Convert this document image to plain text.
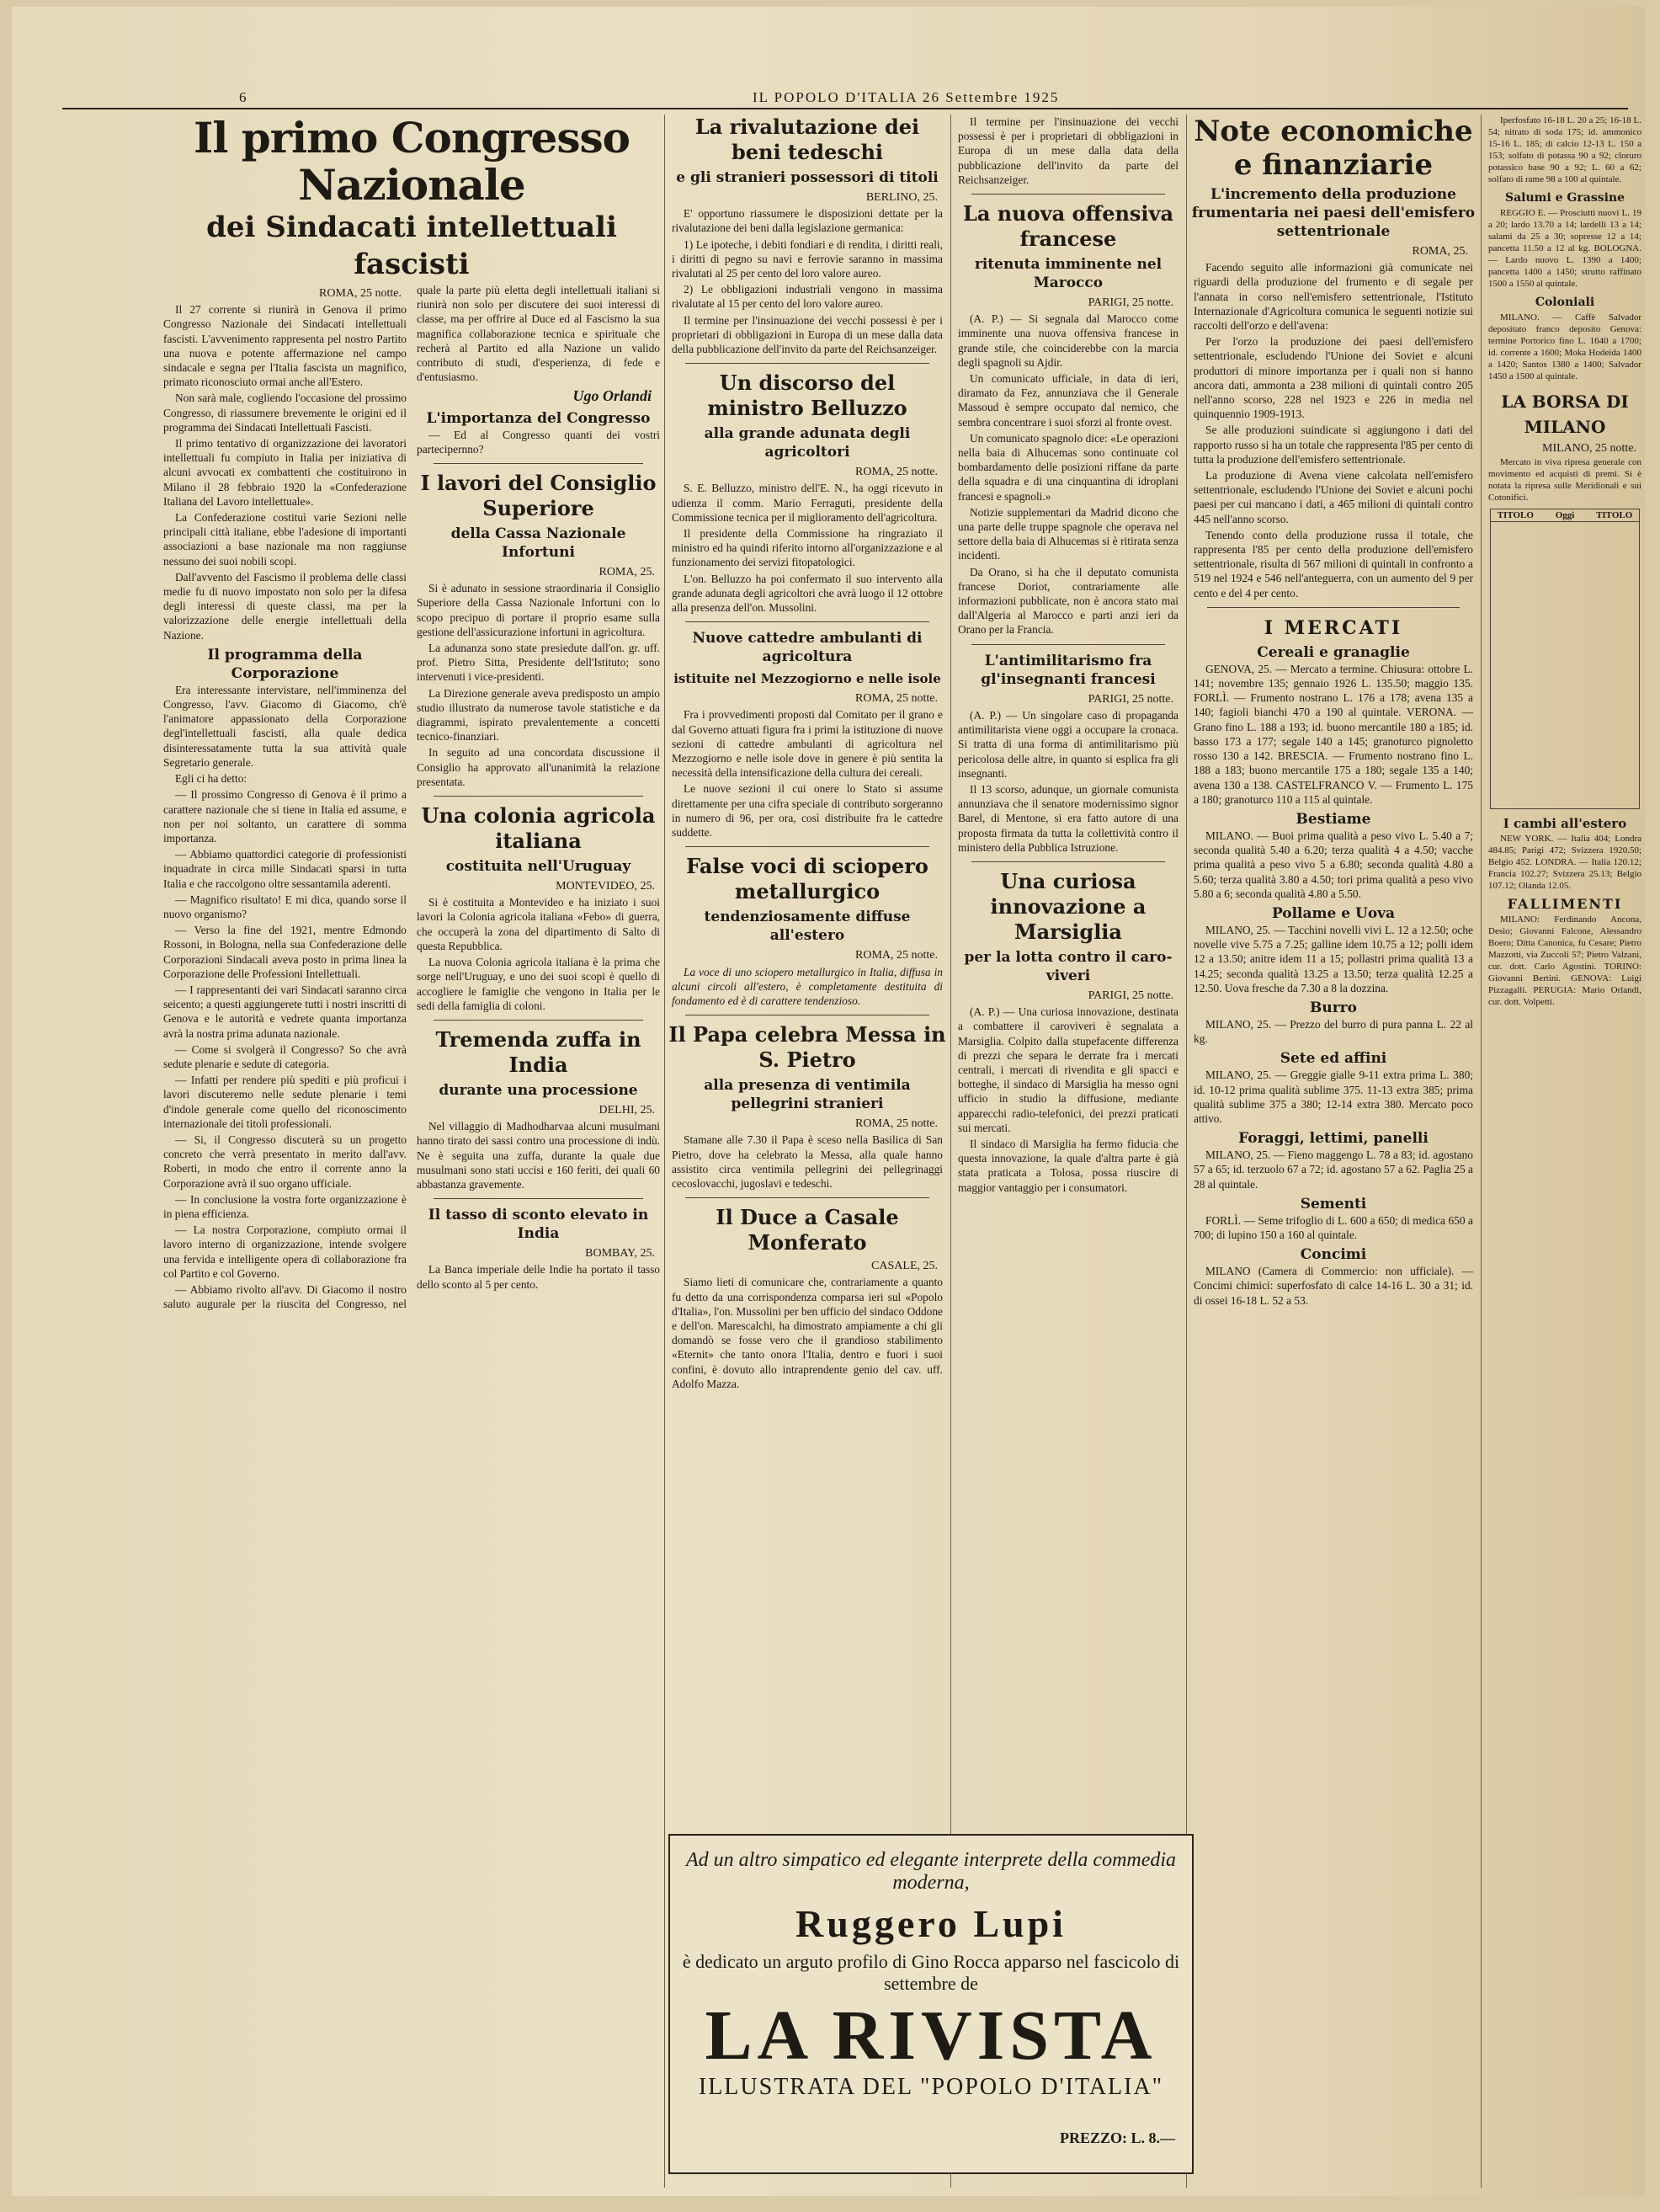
6	IL POPOLO D'ITALIA 26 Settembre 1925
Il primo Congresso Nazionale
dei Sindacati intellettuali fascisti
ROMA, 25 notte.

Il 27 corrente si riunirà in Genova il primo Congresso Nazionale dei Sindacati intellettuali fascisti. L'avvenimento rappresenta pel nostro Partito una nuova e potente affermazione nel campo sindacale e segna per l'Italia fascista un magnifico, primato riconosciuto ormai anche all'Estero.

Non sarà male, cogliendo l'occasione del prossimo Congresso, di riassumere brevemente le origini ed il programma dei Sindacati Intellettuali Fascisti.

Il primo tentativo di organizzazione dei lavoratori intellettuali fu compiuto in Italia per iniziativa di alcuni avvocati ex combattenti che costituirono in Milano il 28 febbraio 1920 la «Confederazione Italiana del Lavoro intellettuale».

La Confederazione costituì varie Sezioni nelle principali città italiane, ebbe l'adesione di importanti associazioni a base nazionale ma non raggiunse nessuno dei suoi nobili scopi.

Dall'avvento del Fascismo il problema delle classi medie fu di nuovo impostato non solo per la difesa degli interessi di queste classi, ma per la valorizzazione delle energie intellettuali della Nazione.

Il programma della Corporazione

Era interessante intervistare, nell'imminenza del Congresso, l'avv. Giacomo di Giacomo, ch'è l'animatore appassionato della Corporazione degl'intellettuali fascisti, alla quale dedica disinteressatamente tutta la sua attività quale Segretario generale.

Egli ci ha detto:

— Il prossimo Congresso di Genova è il primo a carattere nazionale che si tiene in Italia ed assume, e non per noi soltanto, un carattere di somma importanza.

— Abbiamo quattordici categorie di professionisti inquadrate in circa mille Sindacati sparsi in tutta Italia e che raccolgono oltre sessantamila aderenti.

— Magnifico risultato! E mi dica, quando sorse il nuovo organismo?

— Verso la fine del 1921, mentre Edmondo Rossoni, in Bologna, nella sua Confederazione delle Corporazioni Sindacali aveva posto in prima linea la Corporazione delle Professioni Intellettuali.

— I rappresentanti dei vari Sindacati saranno circa seicento; a questi aggiungerete tutti i nostri inscritti di Genova e le autorità e vedrete quanta importanza avrà la nostra prima adunata nazionale.

— Come si svolgerà il Congresso? So che avrà sedute plenarie e sedute di categoria.

— Infatti per rendere più spediti e più proficui i lavori discuteremo nelle sedute plenarie i temi d'indole generale come quello del riconoscimento internazionale dei titoli professionali.

— Si, il Congresso discuterà su un progetto concreto che verrà presentato in merito dall'avv. Roberti, in modo che entro il corrente anno la Corporazione avrà il suo organo ufficiale.

— In conclusione la vostra forte organizzazione è in piena efficienza.

— La nostra Corporazione, compiuto ormai il lavoro interno di organizzazione, intende svolgere una fervida e intelligente opera di collaborazione fra col Partito e col Governo.

— Abbiamo rivolto all'avv. Di Giacomo il nostro saluto augurale per la riuscita del Congresso, nel quale la parte più eletta degli intellettuali italiani si riunirà non solo per discutere dei suoi interessi di classe, ma per offrire al Duce ed al Fascismo la sua magnifica collaborazione tecnica e spirituale che recherà al Partito ed alla Nazione un valido contributo di studi, d'esperienza, di fede e d'entusiasmo.

Ugo Orlandi
L'importanza del Congresso

— Ed al Congresso quanti dei vostri partecipernno?

I lavori del Consiglio Superiore
della Cassa Nazionale Infortuni
ROMA, 25.

Si è adunato in sessione straordinaria il Consiglio Superiore della Cassa Nazionale Infortuni con lo scopo precipuo di portare il proprio esame sulla gestione dell'assicurazione infortuni in agricoltura.

La adunanza sono state presiedute dall'on. gr. uff. prof. Pietro Sitta, Presidente dell'Istituto; sono intervenuti i vice-presidenti.

La Direzione generale aveva predisposto un ampio studio illustrato da numerose tavole statistiche e da diagrammi, ispirato prevalentemente a concetti tecnico-finanziari.

In seguito ad una concordata discussione il Consiglio ha approvato all'unanimità la relazione presentata.

Una colonia agricola italiana
costituita nell'Uruguay
MONTEVIDEO, 25.

Si è costituita a Montevideo e ha iniziato i suoi lavori la Colonia agricola italiana «Febo» di guerra, che occuperà la zona del dipartimento di Salto di questa Repubblica.

La nuova Colonia agricola italiana è la prima che sorge nell'Uruguay, e uno dei suoi scopi è quello di accogliere le famiglie che vengono in Italia per le sedi della famiglia di coloni.

Tremenda zuffa in India
durante una processione
DELHI, 25.

Nel villaggio di Madhodharvaa alcuni musulmani hanno tirato dei sassi contro una processione di indù. Ne è seguita una zuffa, durante la quale due musulmani sono stati uccisi e 160 feriti, dei quali 60 abbastanza gravemente.

Il tasso di sconto elevato in India
BOMBAY, 25.

La Banca imperiale delle Indie ha portato il tasso dello sconto al 5 per cento.

La rivalutazione dei beni tedeschi
e gli stranieri possessori di titoli
BERLINO, 25.

E' opportuno riassumere le disposizioni dettate per la rivalutazione dei beni dalla legislazione germanica:

1) Le ipoteche, i debiti fondiari e di rendita, i diritti reali, i diritti di pegno su navi e ferrovie saranno in massima rivalutati al 25 per cento del loro valore aureo.

2) Le obbligazioni industriali vengono in massima rivalutate al 15 per cento del loro valore aureo.

Il termine per l'insinuazione dei vecchi possessi è per i proprietari di obbligazioni in Europa di un mese dalla data della pubblicazione dell'invito da parte del Reichsanzeiger.

Un discorso del ministro Belluzzo
alla grande adunata degli agricoltori
ROMA, 25 notte.

S. E. Belluzzo, ministro dell'E. N., ha oggi ricevuto in udienza il comm. Mario Ferraguti, presidente della Commissione tecnica per il miglioramento dell'agricoltura.

Il presidente della Commissione ha ringraziato il ministro ed ha quindi riferito intorno all'organizzazione e al funzionamento dei servizi fitopatologici.

L'on. Belluzzo ha poi confermato il suo intervento alla grande adunata degli agricoltori che avrà luogo il 12 ottobre alla presenza dell'on. Mussolini.

Nuove cattedre ambulanti di agricoltura
istituite nel Mezzogiorno e nelle isole
ROMA, 25 notte.

Fra i provvedimenti proposti dal Comitato per il grano e dal Governo attuati figura fra i primi la istituzione di nuove sezioni di cattedre ambulanti di agricoltura nel Mezzogiorno e nelle isole dove in genere è più sentita la necessità della intensificazione della cultura dei cereali.

Le nuove sezioni il cui onere lo Stato si assume direttamente per una cifra speciale di contributo sorgeranno in numero di 96, per ora, così distribuite fra le cattedre suddette.

False voci di sciopero metallurgico
tendenziosamente diffuse all'estero
ROMA, 25 notte.

La voce di uno sciopero metallurgico in Italia, diffusa in alcuni circoli all'estero, è completamente destituita di fondamento ed è di carattere tendenzioso.

Il Papa celebra Messa in S. Pietro
alla presenza di ventimila pellegrini stranieri
ROMA, 25 notte.

Stamane alle 7.30 il Papa è sceso nella Basilica di San Pietro, dove ha celebrato la Messa, alla quale hanno assistito circa ventimila pellegrini dei pellegrinaggi cecoslovacchi, jugoslavi e tedeschi.

Il Duce a Casale Monferato
CASALE, 25.

Siamo lieti di comunicare che, contrariamente a quanto fu detto da una corrispondenza comparsa ieri sul «Popolo d'Italia», l'on. Mussolini per ben ufficio del sindaco Oddone e dell'on. Marescalchi, ha dimostrato ampiamente a chi gli domandò se fosse vero che il grandioso stabilimento «Eternit» che tanto onora l'Italia, dentro e fuori i suoi confini, è dovuto allo intraprendente genio del cav. uff. Adolfo Mazza.

Il termine per l'insinuazione dei vecchi possessi è per i proprietari di obbligazioni in Europa di un mese dalla data della pubblicazione dell'invito da parte del Reichsanzeiger.

La nuova offensiva francese
ritenuta imminente nel Marocco
PARIGI, 25 notte.

(A. P.) — Si segnala dal Marocco come imminente una nuova offensiva francese in grande stile, che coinciderebbe con la marcia degli spagnoli su Ajdir.

Un comunicato ufficiale, in data di ieri, diramato da Fez, annunziava che il Generale Massoud è sempre occupato dal nemico, che sembra concentrare i suoi sforzi al fronte ovest.

Un comunicato spagnolo dice: «Le operazioni nella baia di Alhucemas sono continuate col bombardamento delle posizioni riffane da parte della squadra e di una cinquantina di idroplani francesi e spagnoli.»

Notizie supplementari da Madrid dicono che una parte delle truppe spagnole che operava nel settore della baia di Alhucemas si è ritirata senza incidenti.

Da Orano, si ha che il deputato comunista francese Doriot, contrariamente alle informazioni pubblicate, non è ancora stato mai dall'Algeria al Marocco e parti anzi ieri da Orano per la Francia.

L'antimilitarismo fra gl'insegnanti francesi
PARIGI, 25 notte.

(A. P.) — Un singolare caso di propaganda antimilitarista viene oggi a occupare la cronaca. Si tratta di una forma di antimilitarismo più pericolosa delle altre, in quanto si esplica fra gli insegnanti.

Il 13 scorso, adunque, un giornale comunista annunziava che il senatore modernissimo signor Barel, di Mentone, si era fatto autore di una proposta firmata da tutta la collettività contro il ministero della Pubblica Istruzione.

Una curiosa innovazione a Marsiglia
per la lotta contro il caro-viveri
PARIGI, 25 notte.

(A. P.) — Una curiosa innovazione, destinata a combattere il caroviveri è segnalata a Marsiglia. Colpito dalla stupefacente differenza di prezzi che separa le derrate fra i mercati centrali, i mercati di rivendita e gli spacci e botteghe, il sindaco di Marsiglia ha messo ogni ufficio in studio la diffusione, mediante apparecchi radio-telefonici, dei prezzi praticati sui mercati.

Il sindaco di Marsiglia ha fermo fiducia che questa innovazione, la quale d'altra parte è già stata praticata a Tolosa, possa riuscire di maggior vantaggio per i consumatori.

Note economiche e finanziarie
L'incremento della produzione frumentaria nei paesi dell'emisfero settentrionale
ROMA, 25.

Facendo seguito alle informazioni già comunicate nei riguardi della produzione del frumento e di segale per l'annata in corso nell'emisfero settentrionale, l'Istituto Internazionale d'Agricoltura comunica le seguenti notizie sui raccolti dell'orzo e dell'avena:

Per l'orzo la produzione dei paesi dell'emisfero settentrionale, escludendo l'Unione dei Soviet e alcuni produttori di minore importanza per i quali non si hanno ancora dati, ammonta a 238 milioni di quintali contro 205 nell'anno scorso, 228 nel 1923 e 226 in media nel quinquennio 1909-1913.

Se alle produzioni suindicate si aggiungono i dati del rapporto russo si ha un totale che rappresenta l'85 per cento di tutta la produzione dell'emisfero settentrionale.

La produzione di Avena viene calcolata nell'emisfero settentrionale, escludendo l'Unione dei Soviet e alcuni pochi paesi per cui mancano i dati, a 465 milioni di quintali contro 445 nell'anno scorso.

Tenendo conto della produzione russa il totale, che rappresenta l'85 per cento della produzione dell'emisfero settentrionale, risulta di 567 milioni di quintali in confronto a 519 nel 1924 e 546 nell'anteguerra, con un aumento del 9 per cento e del 4 per cento.

I MERCATI
Cereali e granaglie

GENOVA, 25. — Mercato a termine. Chiusura: ottobre L. 141; novembre 135; gennaio 1926 L. 135.50; maggio 135. FORLÌ. — Frumento nostrano L. 176 a 178; avena 135 a 140; fagioli bianchi 470 a 190 al quintale. VERONA. — Grano fino L. 188 a 193; id. buono mercantile 180 a 185; id. basso 173 a 177; segale 140 a 145; granoturco pignoletto rosso 130 a 142. BRESCIA. — Frumento nostrano fino L. 188 a 183; buono mercantile 175 a 180; segale 135 a 140; avena 130 a 138. CASTELFRANCO V. — Frumento L. 175 a 180; granoturco 110 a 115 al quintale.

Bestiame

MILANO. — Buoi prima qualità a peso vivo L. 5.40 a 7; seconda qualità 5.40 a 6.20; terza qualità 4 a 4.50; vacche prima qualità a peso vivo 5 a 6.80; seconda qualità 4.80 a 5.60; terza qualità 3.80 a 4.50; tori prima qualità a peso vivo 5.80 a 6; seconda qualità 4.80 a 5.50.

Pollame e Uova

MILANO, 25. — Tacchini novelli vivi L. 12 a 12.50; oche novelle vive 5.75 a 7.25; galline idem 10.75 a 12; polli idem 12 a 13.50; anitre idem 11 a 15; pollastri prima qualità 13 a 14.25; seconda qualità 13.25 a 13.50; terza qualità 12.25 a 12.50. Uova fresche da 7.30 a 8 la dozzina.

Burro

MILANO, 25. — Prezzo del burro di pura panna L. 22 al kg.

Sete ed affini

MILANO, 25. — Greggie gialle 9-11 extra prima L. 380; id. 10-12 prima qualità sublime 375. 11-13 extra 385; prima qualità sublime 375 a 380; 12-14 extra 380. Mercato poco attivo.

Foraggi, lettimi, panelli

MILANO, 25. — Fieno maggengo L. 78 a 83; id. agostano 57 a 65; id. terzuolo 67 a 72; id. agostano 57 a 62. Paglia 25 a 28 al quintale.

Sementi

FORLÌ. — Seme trifoglio di L. 600 a 650; di medica 650 a 700; di lupino 150 a 160 al quintale.

Concimi

MILANO (Camera di Commercio: non ufficiale). — Concimi chimici: superfosfato di calce 14-16 L. 30 a 31; id. di ossei 16-18 L. 52 a 53.

Iperfosfato 16-18 L. 20 a 25; 16-18 L. 54; nitrato di soda 175; id. ammonico 15-16 L. 185; di calcio 12-13 L. 150 a 153; solfato di potassa 90 a 92; cloruro potassico base 90 a 92; L. 60 a 62; solfato di rame 98 a 100 al quintale.

Salumi e Grassine

REGGIO E. — Prosciutti nuovi L. 19 a 20; lardo 13.70 a 14; lardelli 13 a 14; salami da 25 a 30; sopresse 12 a 14; pancetta 11.50 a 12 al kg. BOLOGNA. — Lardo nuovo L. 1390 a 1400; pancetta 1400 a 1450; strutto raffinato 1500 a 1550 al quintale.

Coloniali

MILANO. — Caffè Salvador depositato franco deposito Genova: termine Portorico fino L. 1640 a 1700; id. corrente a 1600; Moka Hodeida 1400 a 1420; Santos 1380 a 1400; Salvador 1450 a 1500 al quintale.

LA BORSA DI MILANO
MILANO, 25 notte.

Mercato in viva ripresa generale con movimento ed acquisti di premi. Si è notata la ripresa sulle Meridionali e sui Cotonifici.

TITOLO	Oggi	TITOLO
I cambi all'estero

NEW YORK. — Italia 404; Londra 484.85; Parigi 472; Svizzera 1920.50; Belgio 452. LONDRA. — Italia 120.12; Francia 102.27; Svizzera 25.13; Belgio 107.12; Olanda 12.05.

FALLIMENTI

MILANO: Ferdinando Ancona, Desio; Giovanni Falcone, Alessandro Boero; Ditta Canonica, fu Cesare; Pietro Mazzotti, via Zuccoli 57; Pietro Valzani, cur. dott. Carlo Agostini. TORINO: Giovanni Bertini. GENOVA: Luigi Pizzagalli. PERUGIA: Mario Orlandi, cur. dott. Volpetti.

Ad un altro simpatico ed elegante interprete della commedia moderna,
Ruggero Lupi
è dedicato un arguto profilo di Gino Rocca apparso nel fascicolo di settembre de
LA RIVISTA
ILLUSTRATA DEL "POPOLO D'ITALIA"
PREZZO: L. 8.—
